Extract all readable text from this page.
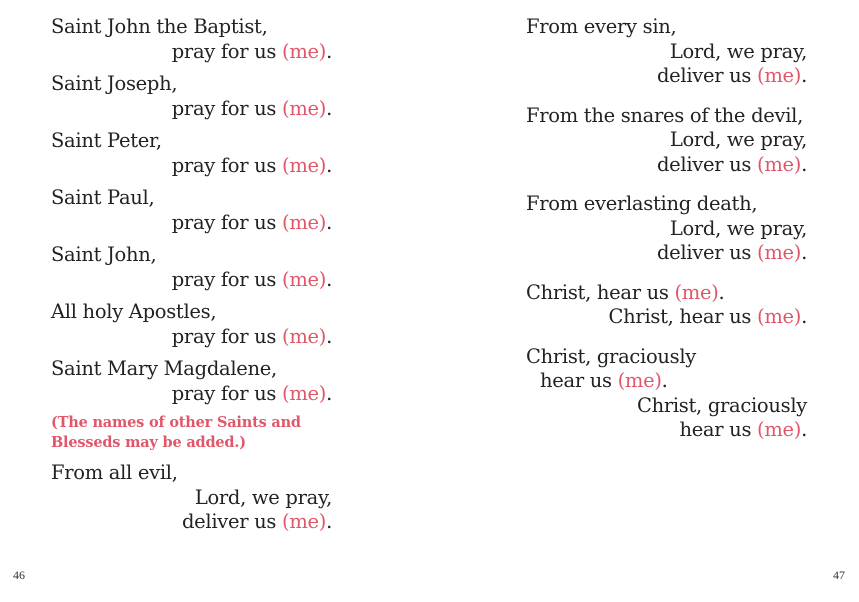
Saint John the Baptist,
pray for us (me).
Saint Joseph,
pray for us (me).
Saint Peter,
pray for us (me).
Saint Paul,
pray for us (me).
Saint John,
pray for us (me).
All holy Apostles,
pray for us (me).
Saint Mary Magdalene,
pray for us (me).
(The names of other Saints and
Blesseds may be added.)
From all evil,
Lord, we pray,
deliver us (me).
46
From every sin,
Lord, we pray,
deliver us (me).
From the snares of the devil,
Lord, we pray,
deliver us (me).
From everlasting death,
Lord, we pray,
deliver us (me).
Christ, hear us (me).
Christ, hear us (me).
Christ, graciously
hear us (me).
Christ, graciously
hear us (me).
47
